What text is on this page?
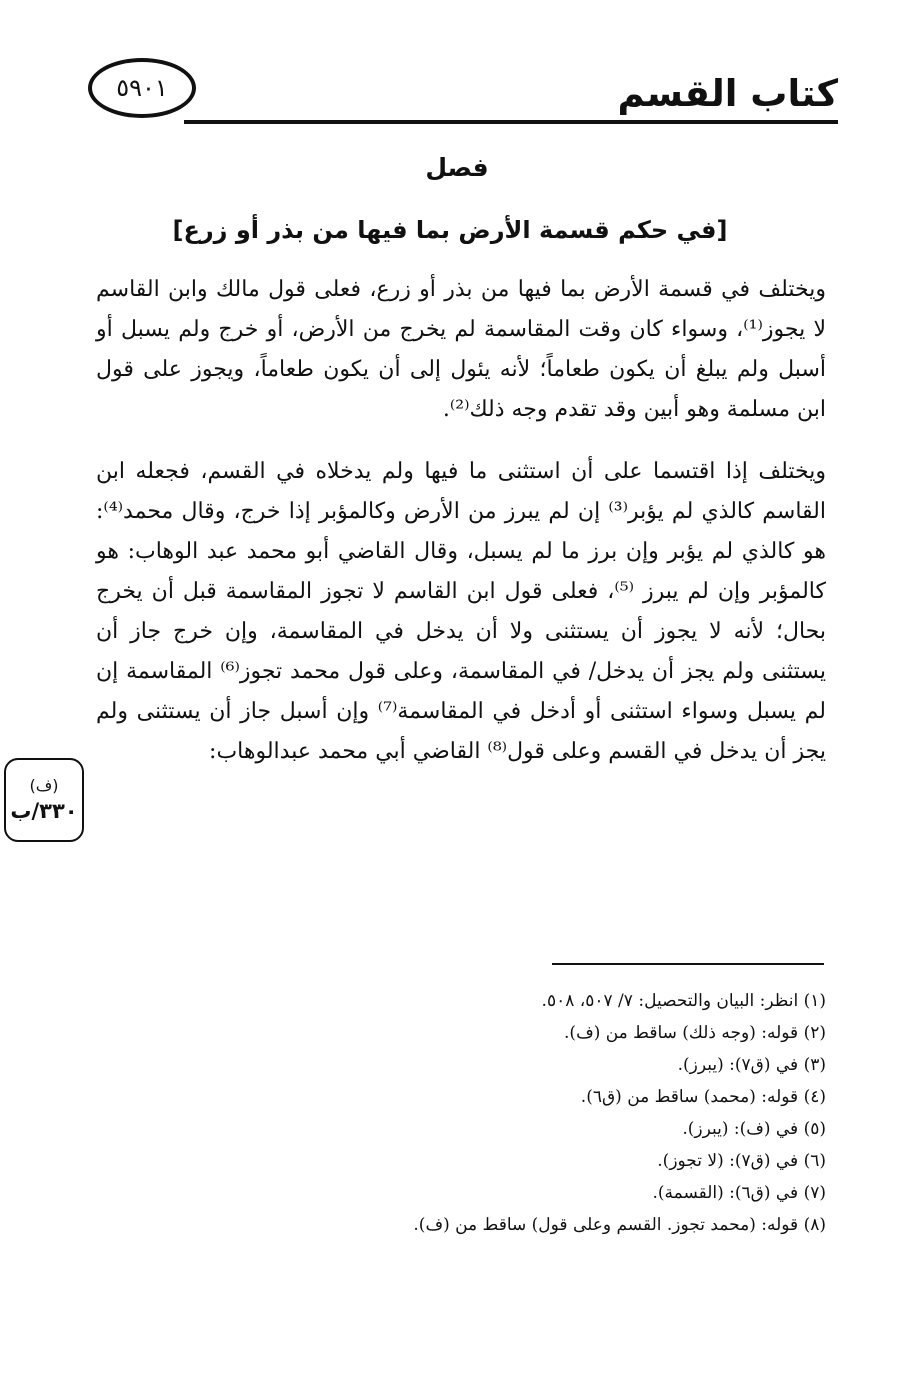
كتاب القسم
٥٩٠١
فصل
[في حكم قسمة الأرض بما فيها من بذر أو زرع]

ويختلف في قسمة الأرض بما فيها من بذر أو زرع، فعلى قول مالك وابن القاسم لا يجوز⁽¹⁾، وسواء كان وقت المقاسمة لم يخرج من الأرض، أو خرج ولم يسبل أو أسبل ولم يبلغ أن يكون طعاماً؛ لأنه يئول إلى أن يكون طعاماً، ويجوز على قول ابن مسلمة وهو أبين وقد تقدم وجه ذلك⁽²⁾.

ويختلف إذا اقتسما على أن استثنى ما فيها ولم يدخلاه في القسم، فجعله ابن القاسم كالذي لم يؤبر⁽³⁾ إن لم يبرز من الأرض وكالمؤبر إذا خرج، وقال محمد⁽⁴⁾: هو كالذي لم يؤبر وإن برز ما لم يسبل، وقال القاضي أبو محمد عبد الوهاب: هو كالمؤبر وإن لم يبرز ⁽⁵⁾، فعلى قول ابن القاسم لا تجوز المقاسمة قبل أن يخرج بحال؛ لأنه لا يجوز أن يستثنى ولا أن يدخل في المقاسمة، وإن خرج جاز أن يستثنى ولم يجز أن يدخل/ في المقاسمة، وعلى قول محمد تجوز⁽⁶⁾ المقاسمة إن لم يسبل وسواء استثنى أو أدخل في المقاسمة⁽⁷⁾ وإن أسبل جاز أن يستثنى ولم يجز أن يدخل في القسم وعلى قول⁽⁸⁾ القاضي أبي محمد عبدالوهاب:

(ف)
٣٣٠/ب
(١) انظر: البيان والتحصيل: ٧/ ٥٠٧، ٥٠٨.
(٢) قوله: (وجه ذلك) ساقط من (ف).
(٣) في (ق٧): (يبرز).
(٤) قوله: (محمد) ساقط من (ق٦).
(٥) في (ف): (يبرز).
(٦) في (ق٧): (لا تجوز).
(٧) في (ق٦): (القسمة).
(٨) قوله: (محمد تجوز. القسم وعلى قول) ساقط من (ف).
